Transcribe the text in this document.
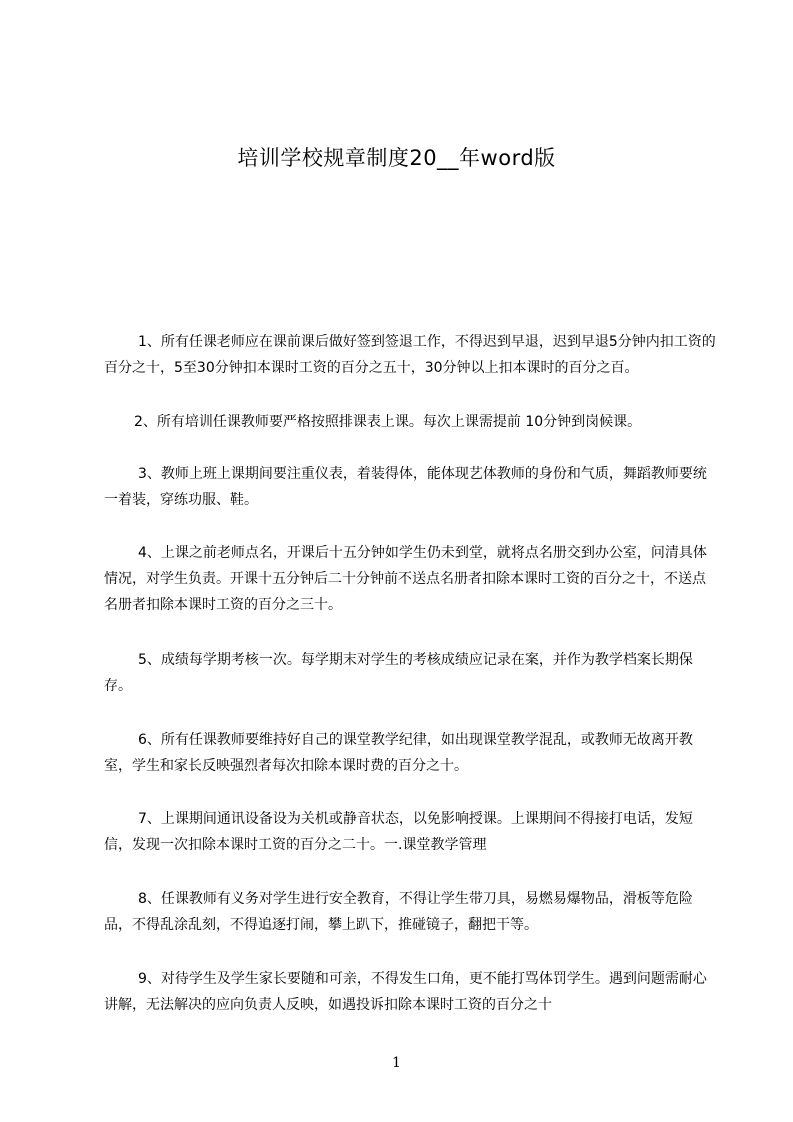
培训学校规章制度20__年word版

1、所有任课老师应在课前课后做好签到签退工作，不得迟到早退，迟到早退5分钟内扣工资的百分之十，5至30分钟扣本课时工资的百分之五十，30分钟以上扣本课时的百分之百。

2、所有培训任课教师要严格按照排课表上课。每次上课需提前 10分钟到岗候课。

3、教师上班上课期间要注重仪表，着装得体，能体现艺体教师的身份和气质，舞蹈教师要统一着装，穿练功服、鞋。

4、上课之前老师点名，开课后十五分钟如学生仍未到堂，就将点名册交到办公室，问清具体情况，对学生负责。开课十五分钟后二十分钟前不送点名册者扣除本课时工资的百分之十，不送点名册者扣除本课时工资的百分之三十。

5、成绩每学期考核一次。每学期末对学生的考核成绩应记录在案，并作为教学档案长期保存。

6、所有任课教师要维持好自己的课堂教学纪律，如出现课堂教学混乱，或教师无故离开教室，学生和家长反映强烈者每次扣除本课时费的百分之十。

7、上课期间通讯设备设为关机或静音状态，以免影响授课。上课期间不得接打电话，发短信，发现一次扣除本课时工资的百分之二十。一.课堂教学管理

8、任课教师有义务对学生进行安全教育，不得让学生带刀具，易燃易爆物品，滑板等危险品，不得乱涂乱刻，不得追逐打闹，攀上趴下，推碰镜子，翻把干等。

9、对待学生及学生家长要随和可亲，不得发生口角，更不能打骂体罚学生。遇到问题需耐心讲解，无法解决的应向负责人反映，如遇投诉扣除本课时工资的百分之十

1
